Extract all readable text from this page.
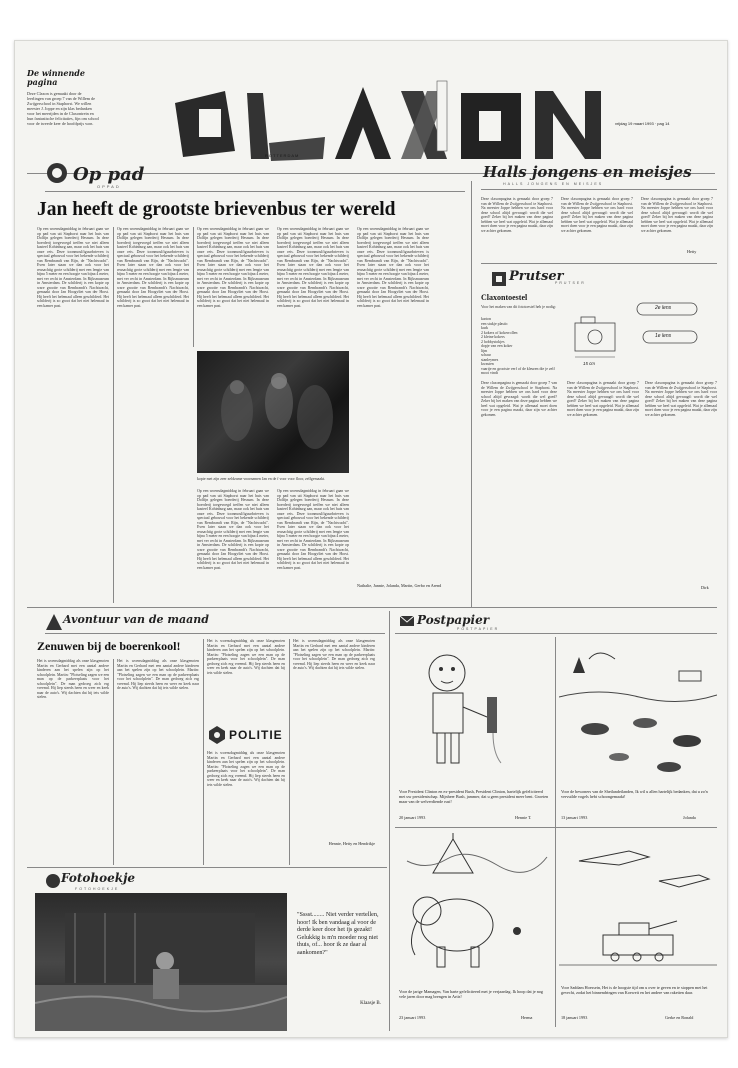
De winnende pagina
Deze Claxon is gemaakt door de leerlingen van groep 7 van de Willem de Zwijgerschool in Staphorst. We willen meester J. Joppe en zijn klas bedanken voor het meerijden in de Claxontrein en hun fantastische felicitaties, fijn om school voor de tweede keer de hoofdprijs won.
ROTTERDAM
vrijdag 19 maart 1993 · pag 14
Op pad
OPPAD
Jan heeft de grootste brievenbus ter wereld
Op een woensdagmiddag in februari gaan we op pad van uit Staphorst naar het huis van Dolfijn gelegen boerderij Hessum. In deze boerderij toegevoegd treffen we niet alleen kasteel Kohinburg aan, maar ook het huis van onze reis. Deze toonmoulfiguurbrieven is speciaal gebouwd voor het bekende schilderij van Rembrandt van Rijn, de "Nachtwacht". Even later staan we dan ook voor het reusachtig grote schilderij met een lengte van bijna 5 meter en een hoogte van bijna 4 meter, met ver recht in Amsterdam. In Rijksmuseum in Amsterdam. De schilderij is een kopie op ware grootte van Rembrandt's Nachtwacht, gemaakt door Jan Hoogvliet van der Horst. Hij heeft het helemaal alleen geschilderd. Het schilderij is zo groot dat het niet helemaal in een kamer past.
Op een woensdagmiddag in februari gaan we op pad van uit Staphorst naar het huis van Dolfijn gelegen boerderij Hessum. In deze boerderij toegevoegd treffen we niet alleen kasteel Kohinburg aan, maar ook het huis van onze reis. Deze toonmoulfiguurbrieven is speciaal gebouwd voor het bekende schilderij van Rembrandt van Rijn, de "Nachtwacht". Even later staan we dan ook voor het reusachtig grote schilderij met een lengte van bijna 5 meter en een hoogte van bijna 4 meter, met ver recht in Amsterdam. In Rijksmuseum in Amsterdam. De schilderij is een kopie op ware grootte van Rembrandt's Nachtwacht, gemaakt door Jan Hoogvliet van der Horst. Hij heeft het helemaal alleen geschilderd. Het schilderij is zo groot dat het niet helemaal in een kamer past.
Op een woensdagmiddag in februari gaan we op pad van uit Staphorst naar het huis van Dolfijn gelegen boerderij Hessum. In deze boerderij toegevoegd treffen we niet alleen kasteel Kohinburg aan, maar ook het huis van onze reis. Deze toonmoulfiguurbrieven is speciaal gebouwd voor het bekende schilderij van Rembrandt van Rijn, de "Nachtwacht". Even later staan we dan ook voor het reusachtig grote schilderij met een lengte van bijna 5 meter en een hoogte van bijna 4 meter, met ver recht in Amsterdam. In Rijksmuseum in Amsterdam. De schilderij is een kopie op ware grootte van Rembrandt's Nachtwacht, gemaakt door Jan Hoogvliet van der Horst. Hij heeft het helemaal alleen geschilderd. Het schilderij is zo groot dat het niet helemaal in een kamer past.
Op een woensdagmiddag in februari gaan we op pad van uit Staphorst naar het huis van Dolfijn gelegen boerderij Hessum. In deze boerderij toegevoegd treffen we niet alleen kasteel Kohinburg aan, maar ook het huis van onze reis. Deze toonmoulfiguurbrieven is speciaal gebouwd voor het bekende schilderij van Rembrandt van Rijn, de "Nachtwacht". Even later staan we dan ook voor het reusachtig grote schilderij met een lengte van bijna 5 meter en een hoogte van bijna 4 meter, met ver recht in Amsterdam. In Rijksmuseum in Amsterdam. De schilderij is een kopie op ware grootte van Rembrandt's Nachtwacht, gemaakt door Jan Hoogvliet van der Horst. Hij heeft het helemaal alleen geschilderd. Het schilderij is zo groot dat het niet helemaal in een kamer past.
Op een woensdagmiddag in februari gaan we op pad van uit Staphorst naar het huis van Dolfijn gelegen boerderij Hessum. In deze boerderij toegevoegd treffen we niet alleen kasteel Kohinburg aan, maar ook het huis van onze reis. Deze toonmoulfiguurbrieven is speciaal gebouwd voor het bekende schilderij van Rembrandt van Rijn, de "Nachtwacht". Even later staan we dan ook voor het reusachtig grote schilderij met een lengte van bijna 5 meter en een hoogte van bijna 4 meter, met ver recht in Amsterdam. In Rijksmuseum in Amsterdam. De schilderij is een kopie op ware grootte van Rembrandt's Nachtwacht, gemaakt door Jan Hoogvliet van der Horst. Hij heeft het helemaal alleen geschilderd. Het schilderij is zo groot dat het niet helemaal in een kamer past.
kopie met zijn zeer zeldzame voornamen Jan en de f voor voor floor, zelfgemaakt.
Op een woensdagmiddag in februari gaan we op pad van uit Staphorst naar het huis van Dolfijn gelegen boerderij Hessum. In deze boerderij toegevoegd treffen we niet alleen kasteel Kohinburg aan, maar ook het huis van onze reis. Deze toonmoulfiguurbrieven is speciaal gebouwd voor het bekende schilderij van Rembrandt van Rijn, de "Nachtwacht". Even later staan we dan ook voor het reusachtig grote schilderij met een lengte van bijna 5 meter en een hoogte van bijna 4 meter, met ver recht in Amsterdam. In Rijksmuseum in Amsterdam. De schilderij is een kopie op ware grootte van Rembrandt's Nachtwacht, gemaakt door Jan Hoogvliet van der Horst. Hij heeft het helemaal alleen geschilderd. Het schilderij is zo groot dat het niet helemaal in een kamer past.
Op een woensdagmiddag in februari gaan we op pad van uit Staphorst naar het huis van Dolfijn gelegen boerderij Hessum. In deze boerderij toegevoegd treffen we niet alleen kasteel Kohinburg aan, maar ook het huis van onze reis. Deze toonmoulfiguurbrieven is speciaal gebouwd voor het bekende schilderij van Rembrandt van Rijn, de "Nachtwacht". Even later staan we dan ook voor het reusachtig grote schilderij met een lengte van bijna 5 meter en een hoogte van bijna 4 meter, met ver recht in Amsterdam. In Rijksmuseum in Amsterdam. De schilderij is een kopie op ware grootte van Rembrandt's Nachtwacht, gemaakt door Jan Hoogvliet van der Horst. Hij heeft het helemaal alleen geschilderd. Het schilderij is zo groot dat het niet helemaal in een kamer past.
Nathalie, Jannie, Jolanda, Martin, Gerbo en Arend
Halls jongens en meisjes
HALLS JONGENS EN MEISJES
Deze claxonpagina is gemaakt door groep 7 van de Willem de Zwijgerschool te Staphorst. Na meester Joppe hebben we ons hard voor deze school altijd gevraagd: wordt die wel goed? Zeker bij het maken van deze pagina hebben we heel wat opgeleid. Wat je allemaal moet doen voor je een pagina maakt, daar zijn we achter gekomen.
Deze claxonpagina is gemaakt door groep 7 van de Willem de Zwijgerschool te Staphorst. Na meester Joppe hebben we ons hard voor deze school altijd gevraagd: wordt die wel goed? Zeker bij het maken van deze pagina hebben we heel wat opgeleid. Wat je allemaal moet doen voor je een pagina maakt, daar zijn we achter gekomen.
Deze claxonpagina is gemaakt door groep 7 van de Willem de Zwijgerschool te Staphorst. Na meester Joppe hebben we ons hard voor deze school altijd gevraagd: wordt die wel goed? Zeker bij het maken van deze pagina hebben we heel wat opgeleid. Wat je allemaal moet doen voor je een pagina maakt, daar zijn we achter gekomen.
Hetty
Prutser
PRUTSER
Claxontoestel
Voor het maken van dit fototoestel heb je nodig:
karton
een stukje plastic
kurk
2 kokers of kokerrollen
2 kleine kokers
2 hobbystokjes
dopje van een koker
lijm
schaar
stanleymes
kwasten
vaartje en grootste verf of de kleuren die je zelf mooi vindt
Deze claxonpagina is gemaakt door groep 7 van de Willem de Zwijgerschool te Staphorst. Na meester Joppe hebben we ons hard voor deze school altijd gevraagd: wordt die wel goed? Zeker bij het maken van deze pagina hebben we heel wat opgeleid. Wat je allemaal moet doen voor je een pagina maakt, daar zijn we achter gekomen.
2e lens
1e lens
15 cm
Deze claxonpagina is gemaakt door groep 7 van de Willem de Zwijgerschool te Staphorst. Na meester Joppe hebben we ons hard voor deze school altijd gevraagd: wordt die wel goed? Zeker bij het maken van deze pagina hebben we heel wat opgeleid. Wat je allemaal moet doen voor je een pagina maakt, daar zijn we achter gekomen.
Deze claxonpagina is gemaakt door groep 7 van de Willem de Zwijgerschool te Staphorst. Na meester Joppe hebben we ons hard voor deze school altijd gevraagd: wordt die wel goed? Zeker bij het maken van deze pagina hebben we heel wat opgeleid. Wat je allemaal moet doen voor je een pagina maakt, daar zijn we achter gekomen.
Dirk
Avontuur van de maand
Zenuwen bij de boerenkool!
Het is woensdagmiddag als onze klasgenoten Martin en Gerhard met een aantal andere kinderen aan het spelen zijn op het schoolplein. Martin: "Plotseling zagen we een man op de parkeerplaats voor het schoolplein". De man gedroeg zich erg vreemd. Hij liep steeds heen en weer en keek naar de auto's. Wij dachten dat hij iets wilde stelen.
Het is woensdagmiddag als onze klasgenoten Martin en Gerhard met een aantal andere kinderen aan het spelen zijn op het schoolplein. Martin: "Plotseling zagen we een man op de parkeerplaats voor het schoolplein". De man gedroeg zich erg vreemd. Hij liep steeds heen en weer en keek naar de auto's. Wij dachten dat hij iets wilde stelen.
Het is woensdagmiddag als onze klasgenoten Martin en Gerhard met een aantal andere kinderen aan het spelen zijn op het schoolplein. Martin: "Plotseling zagen we een man op de parkeerplaats voor het schoolplein". De man gedroeg zich erg vreemd. Hij liep steeds heen en weer en keek naar de auto's. Wij dachten dat hij iets wilde stelen.
POLITIE
Het is woensdagmiddag als onze klasgenoten Martin en Gerhard met een aantal andere kinderen aan het spelen zijn op het schoolplein. Martin: "Plotseling zagen we een man op de parkeerplaats voor het schoolplein". De man gedroeg zich erg vreemd. Hij liep steeds heen en weer en keek naar de auto's. Wij dachten dat hij iets wilde stelen.
Het is woensdagmiddag als onze klasgenoten Martin en Gerhard met een aantal andere kinderen aan het spelen zijn op het schoolplein. Martin: "Plotseling zagen we een man op de parkeerplaats voor het schoolplein". De man gedroeg zich erg vreemd. Hij liep steeds heen en weer en keek naar de auto's. Wij dachten dat hij iets wilde stelen.
Hennie, Hetty en Hendrikje
Fotohoekje
FOTOHOEKJE
"Sssst........ Niet verder vertellen, hoor! Ik ben vandaag al voor de derde keer door het ijs gezakt! Gelukkig is m'n moeder nog niet thuis, of... hoor ik ze daar al aankomen?"
Klaasje B.
Postpapier
POSTPAPIER
Voor President Clinton en ex-president Bush, President Clinton, hartelijk gefeliciteerd met uw presidentschap. Mijnheer Bush, jammer, dat u geen president meer bent. Groeten maar van de welverdiende rust!
20 januari 1993	Hennie T.
Voor de bewoners van de Shetlandeilanden, Ik wil u allen hartelijk bedanken, dat u zo'n vervuilde vogels hebt schoongemaakt!
13 januari 1993	Jolanda
Voor de jarige Mamagen, Van harte gefeliciteerd met je verjaardag. Ik hoop dat je nog vele jaren door mag brengen in Artis!
23 januari 1993	Herma
Voor Saddam Hoessein, Het is de hoogste tijd om u over te geven en te stoppen met het gevecht, zodat het binnendringen van Koeweit en het andere van raketten daar.
18 januari 1993	Gerke en Ronald
